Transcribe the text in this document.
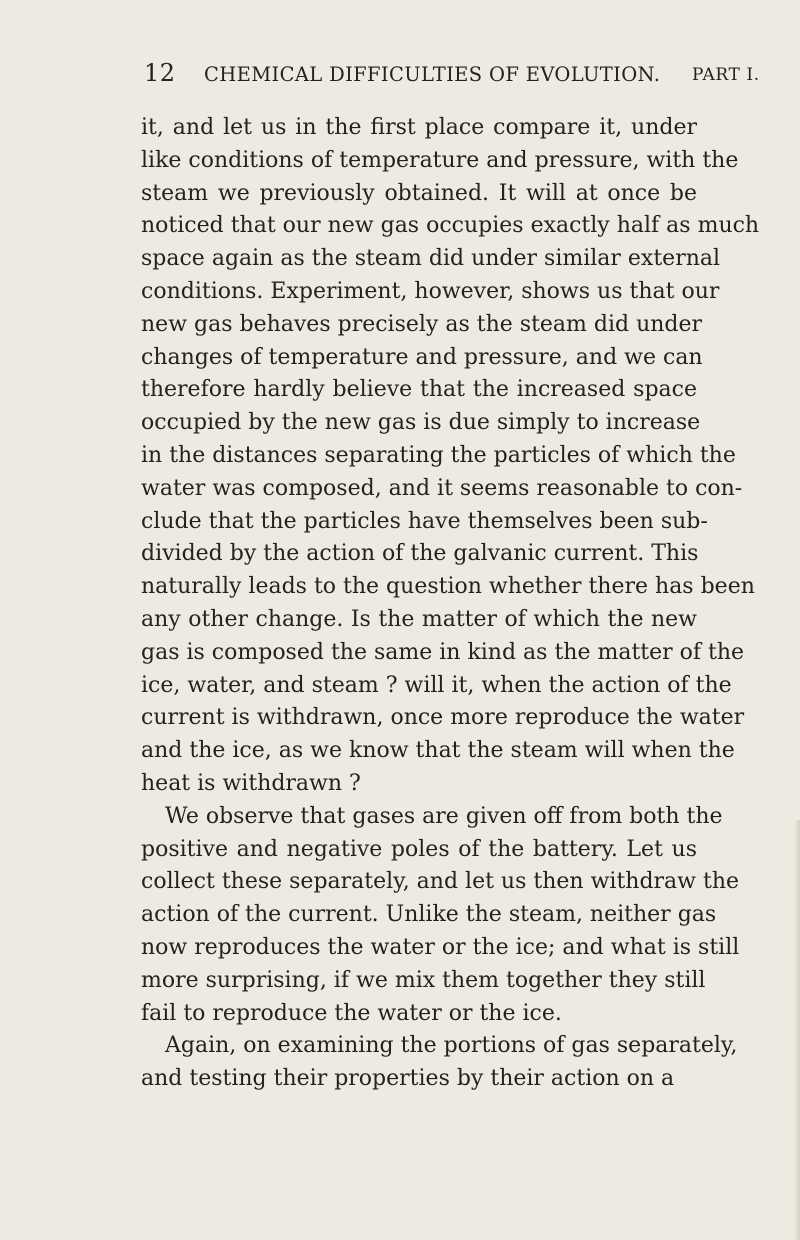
12 CHEMICAL DIFFICULTIES OF EVOLUTION. PART I.
it, and let us in the first place compare it, under
like conditions of temperature and pressure, with the
steam we previously obtained. It will at once be
noticed that our new gas occupies exactly half as much
space again as the steam did under similar external
conditions. Experiment, however, shows us that our
new gas behaves precisely as the steam did under
changes of temperature and pressure, and we can
therefore hardly believe that the increased space
occupied by the new gas is due simply to increase
in the distances separating the particles of which the
water was composed, and it seems reasonable to con-
clude that the particles have themselves been sub-
divided by the action of the galvanic current. This
naturally leads to the question whether there has been
any other change. Is the matter of which the new
gas is composed the same in kind as the matter of the
ice, water, and steam ? will it, when the action of the
current is withdrawn, once more reproduce the water
and the ice, as we know that the steam will when the
heat is withdrawn ?
We observe that gases are given off from both the
positive and negative poles of the battery. Let us
collect these separately, and let us then withdraw the
action of the current. Unlike the steam, neither gas
now reproduces the water or the ice; and what is still
more surprising, if we mix them together they still
fail to reproduce the water or the ice.
Again, on examining the portions of gas separately,
and testing their properties by their action on a
